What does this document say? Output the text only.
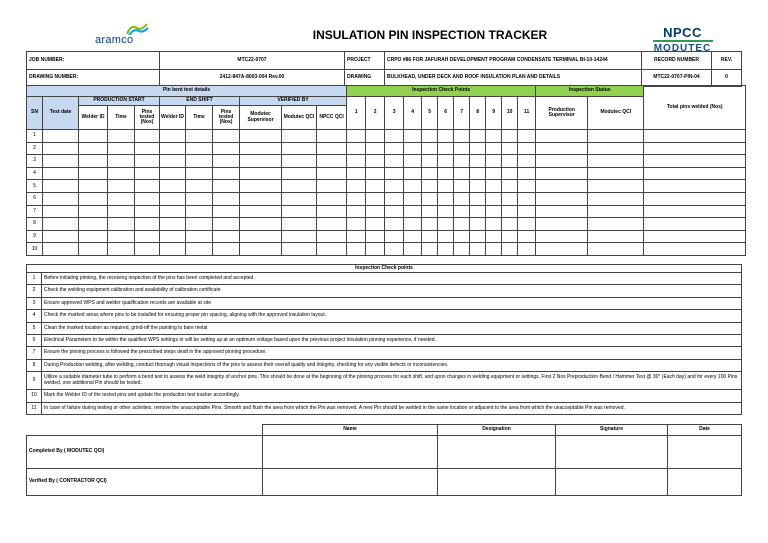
INSULATION PIN INSPECTION TRACKER
aramco	NPCC
MODUTEC
JOB NUMBER:	MTC22-0707	PROJECT	CRPO #86 FOR JAFURAH DEVELOPMENT PROGRAM CONDENSATE TERMINAL BI-10-14244	RECORD NUMBER	REV.
DRAWING NUMBER:	2412-847A-8003-004 Rev.00	DRAWING	BULKHEAD, UNDER DECK AND ROOF INSULATION PLAN AND DETAILS	MTC22-0707-PIN-04	0
Pin bent test details											Inspection Check Points											Inspection Status		Total pins welded (Nos)
SN	Test date	PRODUCTION START			END SHIFT			VERIFIED BY			1	2	3	4	5	6	7	8	9	10	11	Production Supervisor	Modutec QCI	
		Welder ID	Time	Pins tested (Nos)	Welder ID	Time	Pins tested (Nos)	Modutec Supervisor	Modutec QCI	NPCC QCI														
1																								
2																								
3																								
4																								
5																								
6																								
7																								
8																								
9																								
10																								
Inspection Check points	
1	Before initiating pinning, the receiving inspection of the pins has been completed and accepted.
2	Check the welding equipment calibration and availability of calibration certificate
3	Ensure approved WPS and welder qualification records are available at site
4	Check the marked areas where pins to be installed for ensuring proper pin spacing, aligning with the approved insulation layout.
5	Clean the marked location as required, grind-off the painting to bare metal
6	Electrical Parameters to be within the qualified WPS settings or will be setting up at an optimum voltage based upon the previous project insulation pinning experience, if needed.
7	Ensure the pinning process is followed the prescribed steps dealt in the approved pinning procedure.
8	During Production welding, after welding, conduct thorough visual inspections of the pins to assess their overall quality and integrity, checking for any visible defects or inconsistencies.
9	Utilize a suitable diameter tube to perform a bend test to assess the weld integrity of anchor pins. This should be done at the beginning of the pinning process for each shift, and upon changes in welding equipment or settings. First 2 Nos Preproduction Bend / Hammer Test @ 30° (Each day) and for every 100 Pins welded, one additional Pin should be tested.
10	Mark the Welder ID of the tested pins and update the production test tracker accordingly.
11	In case of failure during testing or other activities, remove the unacceptable Pins. Smooth and flush the area from which the Pin was removed. A new Pin should be welded in the same location or adjacent to the area from which the unacceptable Pin was removed.
	Name	Designation	Signature	Date
Completed By ( MODUTEC QCI)				
Verified By ( CONTRACTOR QCI)				
